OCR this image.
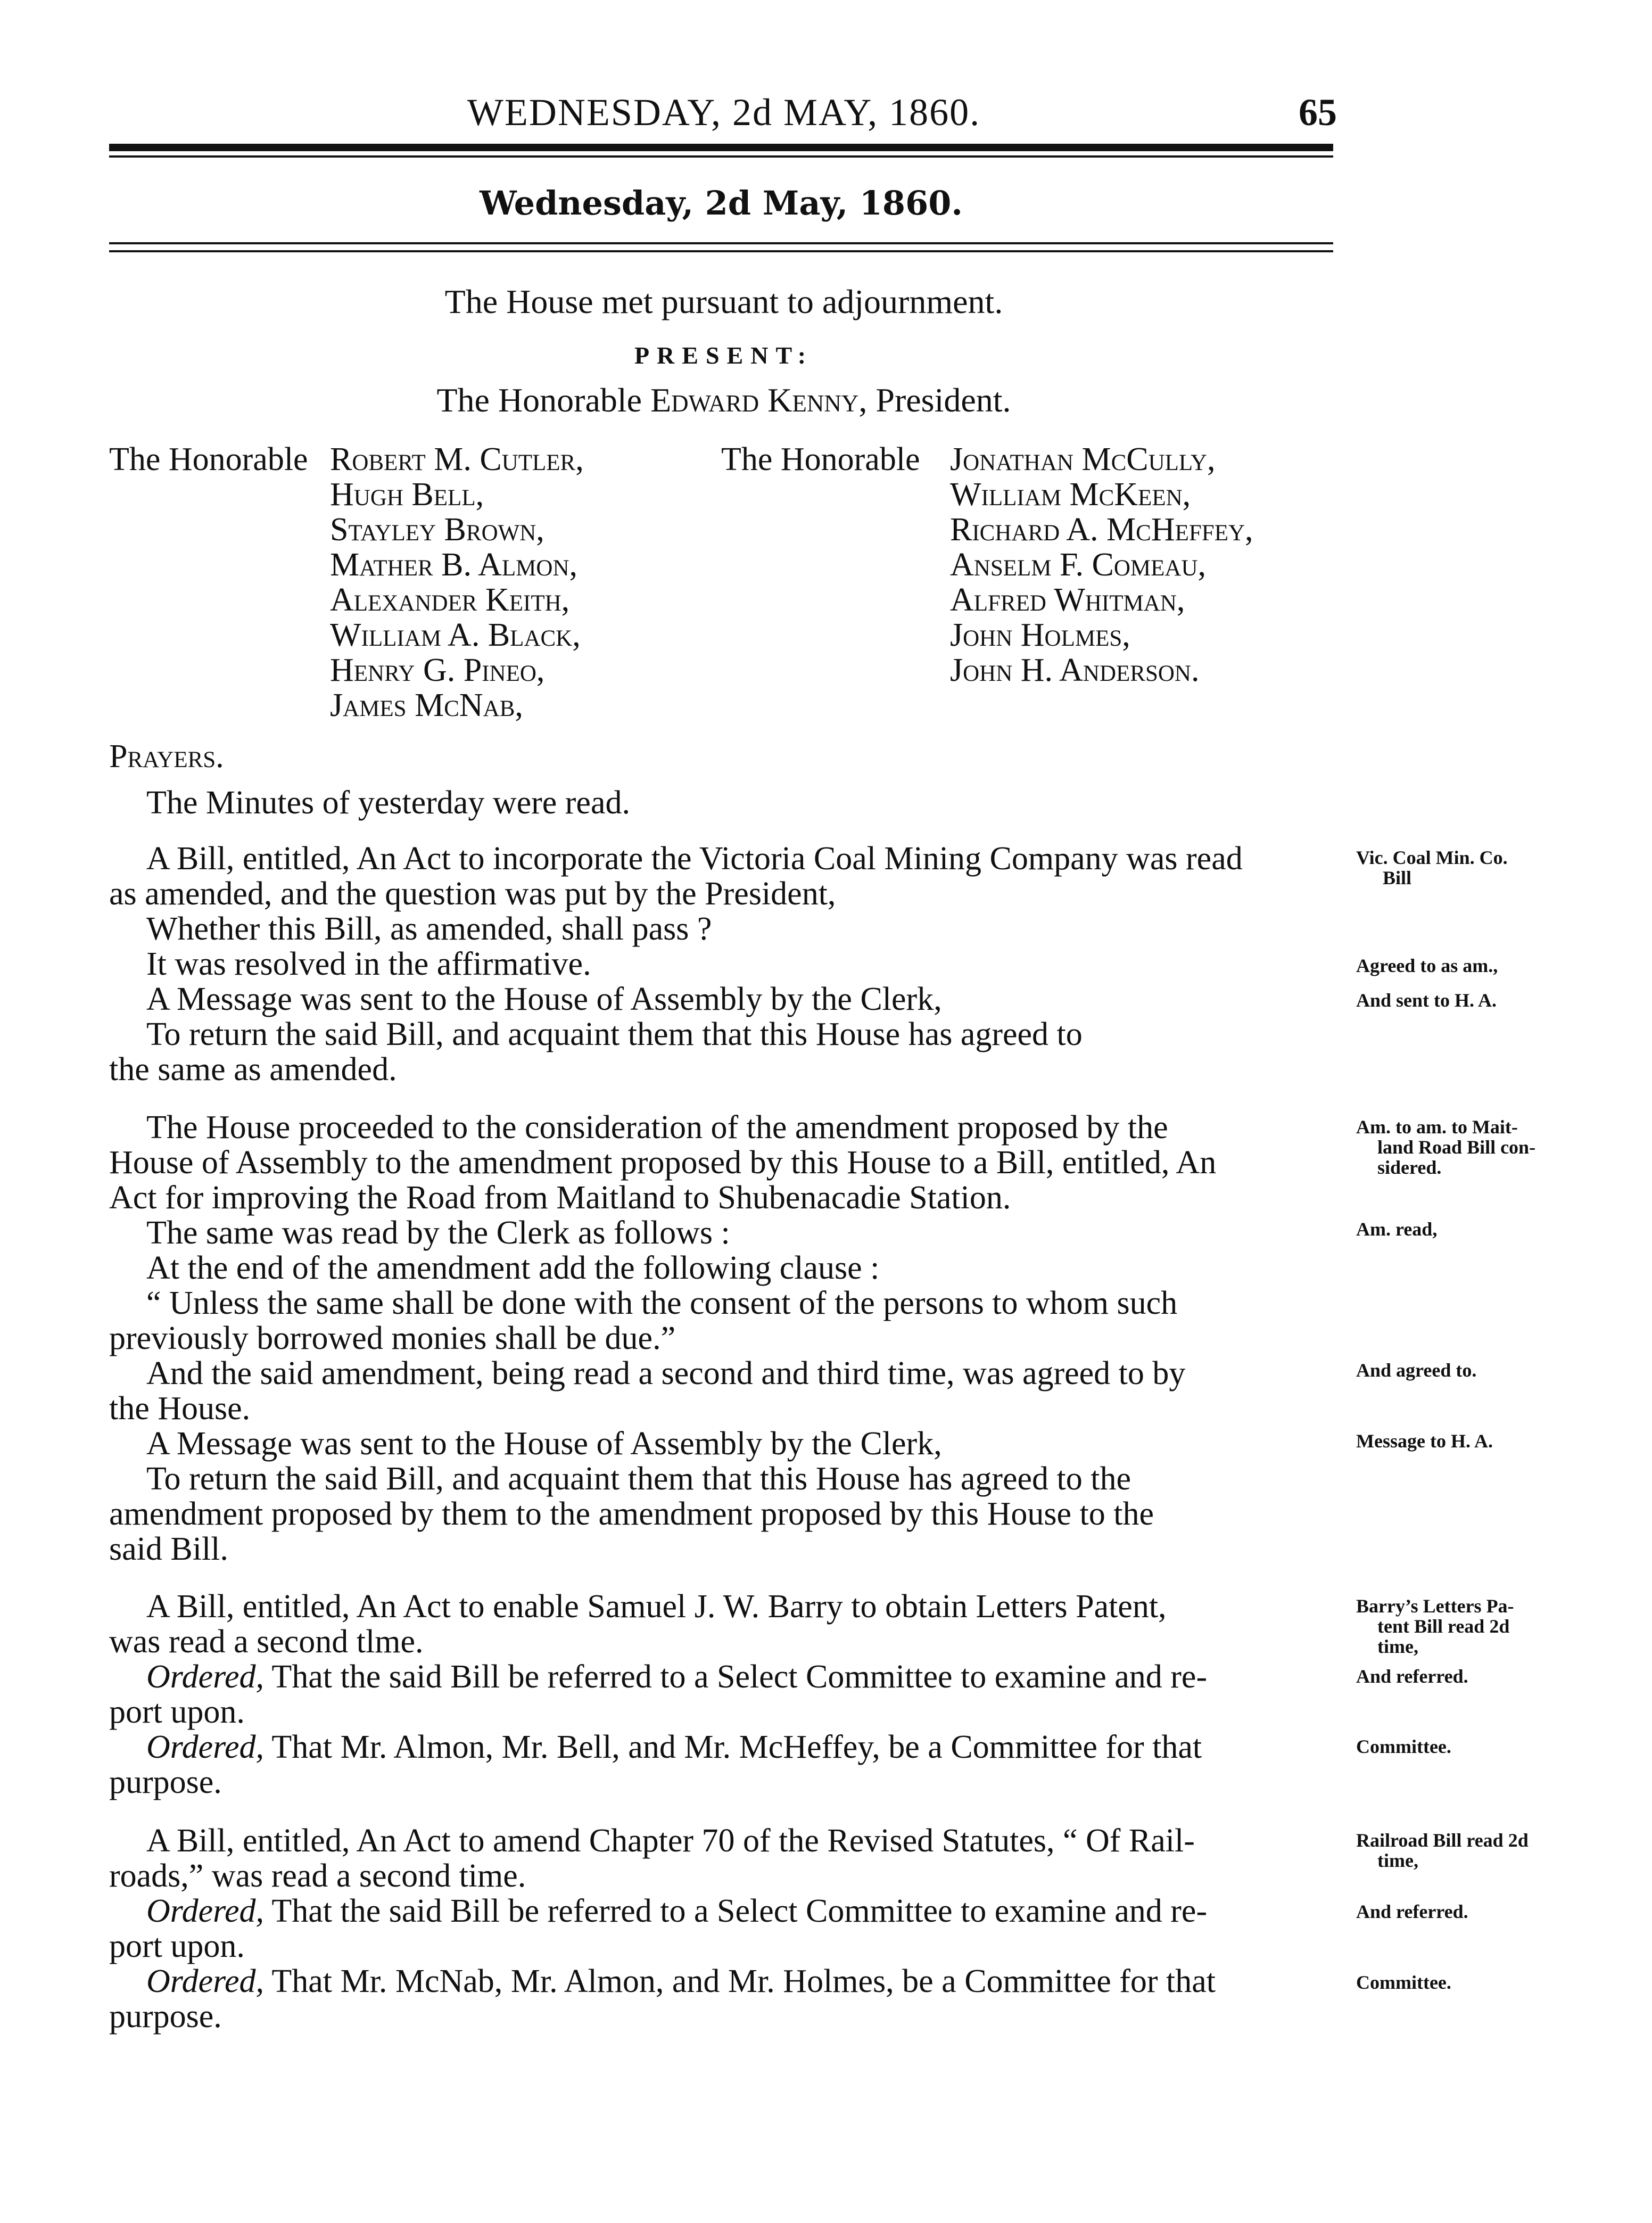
WEDNESDAY, 2d MAY, 1860.	65
Wednesday, 2d May, 1860.
The House met pursuant to adjournment.
PRESENT:
The Honorable Edward Kenny, President.
The Honorable Robert M. Cutler,
Hugh Bell,
Stayley Brown,
Mather B. Almon,
Alexander Keith,
William A. Black,
Henry G. Pineo,
James McNab,
The Honorable Jonathan McCully,
William McKeen,
Richard A. McHeffey,
Anselm F. Comeau,
Alfred Whitman,
John Holmes,
John H. Anderson.
Prayers.
The Minutes of yesterday were read.
A Bill, entitled, An Act to incorporate the Victoria Coal Mining Company was read
as amended, and the question was put by the President,
Whether this Bill, as amended, shall pass ?
It was resolved in the affirmative.
A Message was sent to the House of Assembly by the Clerk,
To return the said Bill, and acquaint them that this House has agreed to
the same as amended.
The House proceeded to the consideration of the amendment proposed by the
House of Assembly to the amendment proposed by this House to a Bill, entitled, An
Act for improving the Road from Maitland to Shubenacadie Station.
The same was read by the Clerk as follows :
At the end of the amendment add the following clause :
“ Unless the same shall be done with the consent of the persons to whom such
previously borrowed monies shall be due.”
And the said amendment, being read a second and third time, was agreed to by
the House.
A Message was sent to the House of Assembly by the Clerk,
To return the said Bill, and acquaint them that this House has agreed to the
amendment proposed by them to the amendment proposed by this House to the
said Bill.
A Bill, entitled, An Act to enable Samuel J. W. Barry to obtain Letters Patent,
was read a second tlme.
Ordered, That the said Bill be referred to a Select Committee to examine and re-
port upon.
Ordered, That Mr. Almon, Mr. Bell, and Mr. McHeffey, be a Committee for that
purpose.
A Bill, entitled, An Act to amend Chapter 70 of the Revised Statutes, “ Of Rail-
roads,” was read a second time.
Ordered, That the said Bill be referred to a Select Committee to examine and re-
port upon.
Ordered, That Mr. McNab, Mr. Almon, and Mr. Holmes, be a Committee for that
purpose.
Vic. Coal Min. Co.
Bill
Agreed to as am.,
And sent to H. A.
Am. to am. to Mait-
land Road Bill con-
sidered.
Am. read,
And agreed to.
Message to H. A.
Barry’s Letters Pa-
tent Bill read 2d
time,
And referred.
Committee.
Railroad Bill read 2d
time,
And referred.
Committee.
